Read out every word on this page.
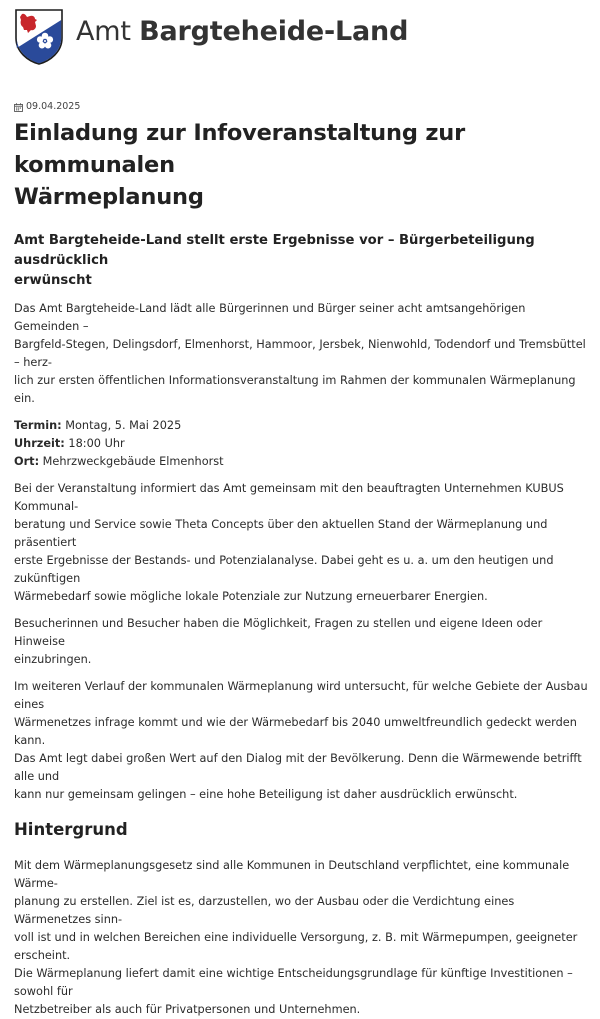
Amt Bargteheide-Land
09.04.2025
Einladung zur Infoveranstaltung zur kommunalen
Wärmeplanung
Amt Bargteheide-Land stellt erste Ergebnisse vor – Bürgerbeteiligung ausdrücklich
erwünscht

Das Amt Bargteheide-Land lädt alle Bürgerinnen und Bürger seiner acht amtsangehörigen Gemeinden –
Bargfeld-Stegen, Delingsdorf, Elmenhorst, Hammoor, Jersbek, Nienwohld, Todendorf und Tremsbüttel – herz-
lich zur ersten öffentlichen Informationsveranstaltung im Rahmen der kommunalen Wärmeplanung ein.

Termin: Montag, 5. Mai 2025
Uhrzeit: 18:00 Uhr
Ort: Mehrzweckgebäude Elmenhorst

Bei der Veranstaltung informiert das Amt gemeinsam mit den beauftragten Unternehmen KUBUS Kommunal-
beratung und Service sowie Theta Concepts über den aktuellen Stand der Wärmeplanung und präsentiert
erste Ergebnisse der Bestands- und Potenzialanalyse. Dabei geht es u. a. um den heutigen und zukünftigen
Wärmebedarf sowie mögliche lokale Potenziale zur Nutzung erneuerbarer Energien.

Besucherinnen und Besucher haben die Möglichkeit, Fragen zu stellen und eigene Ideen oder Hinweise
einzubringen.

Im weiteren Verlauf der kommunalen Wärmeplanung wird untersucht, für welche Gebiete der Ausbau eines
Wärmenetzes infrage kommt und wie der Wärmebedarf bis 2040 umweltfreundlich gedeckt werden kann.
Das Amt legt dabei großen Wert auf den Dialog mit der Bevölkerung. Denn die Wärmewende betrifft alle und
kann nur gemeinsam gelingen – eine hohe Beteiligung ist daher ausdrücklich erwünscht.

Hintergrund

Mit dem Wärmeplanungsgesetz sind alle Kommunen in Deutschland verpflichtet, eine kommunale Wärme-
planung zu erstellen. Ziel ist es, darzustellen, wo der Ausbau oder die Verdichtung eines Wärmenetzes sinn-
voll ist und in welchen Bereichen eine individuelle Versorgung, z. B. mit Wärmepumpen, geeigneter erscheint.
Die Wärmeplanung liefert damit eine wichtige Entscheidungsgrundlage für künftige Investitionen – sowohl für
Netzbetreiber als auch für Privatpersonen und Unternehmen.
